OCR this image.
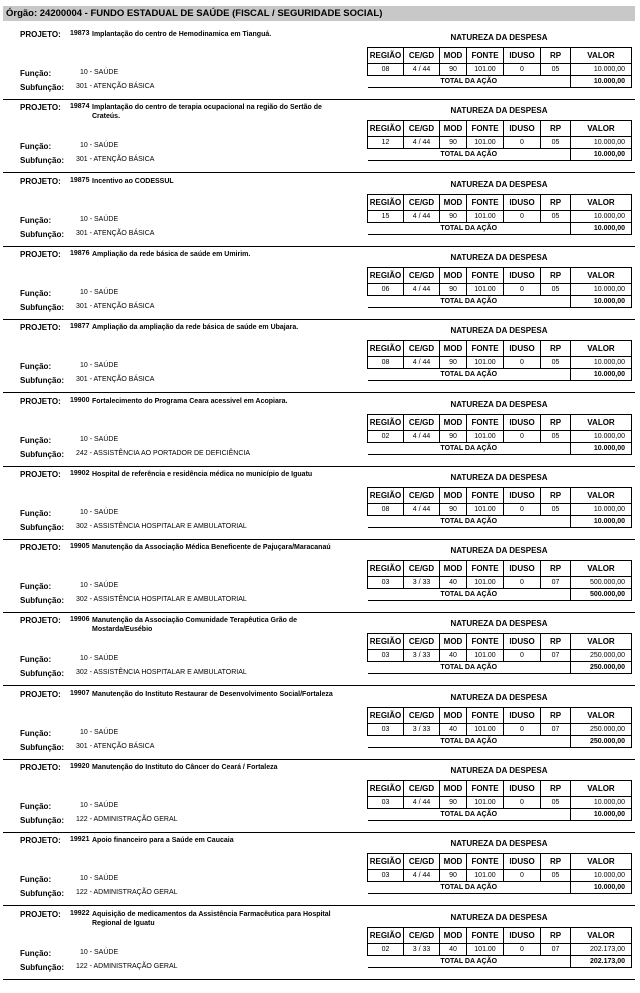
Órgão: 24200004 - FUNDO ESTADUAL DE SAÚDE (FISCAL / SEGURIDADE SOCIAL)
PROJETO: 19873 Implantação do centro de Hemodinamica em Tianguá.	NATUREZA DA DESPESA
Função:	10 - SAÚDE
Subfunção: 301 - ATENÇÃO BÁSICA
REGIÃO	CE/GD	MOD	FONTE	IDUSO	RP	VALOR
08	4 / 44	90	101.00	0	05	10.000,00
TOTAL DA AÇÃO						10.000,00
PROJETO: 19874 Implantação do centro de terapia ocupacional na região do Sertão de Crateús.
NATUREZA DA DESPESA
Função:	10 - SAÚDE
Subfunção: 301 - ATENÇÃO BÁSICA
REGIÃO	CE/GD	MOD	FONTE	IDUSO	RP	VALOR
12	4 / 44	90	101.00	0	05	10.000,00
TOTAL DA AÇÃO						10.000,00
PROJETO: 19875 Incentivo ao CODESSUL	NATUREZA DA DESPESA
Função:	10 - SAÚDE
Subfunção: 301 - ATENÇÃO BÁSICA
REGIÃO	CE/GD	MOD	FONTE	IDUSO	RP	VALOR
15	4 / 44	90	101.00	0	05	10.000,00
TOTAL DA AÇÃO						10.000,00
PROJETO: 19876 Ampliação da rede básica de saúde em Umirim.	NATUREZA DA DESPESA
Função:	10 - SAÚDE
Subfunção: 301 - ATENÇÃO BÁSICA
REGIÃO	CE/GD	MOD	FONTE	IDUSO	RP	VALOR
06	4 / 44	90	101.00	0	05	10.000,00
TOTAL DA AÇÃO						10.000,00
PROJETO: 19877 Ampliação da ampliação da rede básica de saúde em Ubajara.	NATUREZA DA DESPESA
Função:	10 - SAÚDE
Subfunção: 301 - ATENÇÃO BÁSICA
REGIÃO	CE/GD	MOD	FONTE	IDUSO	RP	VALOR
08	4 / 44	90	101.00	0	05	10.000,00
TOTAL DA AÇÃO						10.000,00
PROJETO: 19900 Fortalecimento do Programa Ceara acessivel em Acopiara.	NATUREZA DA DESPESA
Função:	10 - SAÚDE
Subfunção: 242 - ASSISTÊNCIA AO PORTADOR DE DEFICIÊNCIA
REGIÃO	CE/GD	MOD	FONTE	IDUSO	RP	VALOR
02	4 / 44	90	101.00	0	05	10.000,00
TOTAL DA AÇÃO						10.000,00
PROJETO: 19902 Hospital de referência e residência médica no município de Iguatu	NATUREZA DA DESPESA
Função:	10 - SAÚDE
Subfunção: 302 - ASSISTÊNCIA HOSPITALAR E AMBULATORIAL
REGIÃO	CE/GD	MOD	FONTE	IDUSO	RP	VALOR
08	4 / 44	90	101.00	0	05	10.000,00
TOTAL DA AÇÃO						10.000,00
PROJETO: 19905 Manutenção da Associação Médica Beneficente de Pajuçara/Maracanaú	NATUREZA DA DESPESA
Função:	10 - SAÚDE
Subfunção: 302 - ASSISTÊNCIA HOSPITALAR E AMBULATORIAL
REGIÃO	CE/GD	MOD	FONTE	IDUSO	RP	VALOR
03	3 / 33	40	101.00	0	07	500.000,00
TOTAL DA AÇÃO						500.000,00
PROJETO: 19906 Manutenção da Associação Comunidade Terapêutica Grão de Mostarda/Eusébio
NATUREZA DA DESPESA
Função:	10 - SAÚDE
Subfunção: 302 - ASSISTÊNCIA HOSPITALAR E AMBULATORIAL
REGIÃO	CE/GD	MOD	FONTE	IDUSO	RP	VALOR
03	3 / 33	40	101.00	0	07	250.000,00
TOTAL DA AÇÃO						250.000,00
PROJETO: 19907 Manutenção do Instituto Restaurar de Desenvolvimento Social/Fortaleza	NATUREZA DA DESPESA
Função:	10 - SAÚDE
Subfunção: 301 - ATENÇÃO BÁSICA
REGIÃO	CE/GD	MOD	FONTE	IDUSO	RP	VALOR
03	3 / 33	40	101.00	0	07	250.000,00
TOTAL DA AÇÃO						250.000,00
PROJETO: 19920 Manutenção do Instituto do Câncer do Ceará / Fortaleza	NATUREZA DA DESPESA
Função:	10 - SAÚDE
Subfunção: 122 - ADMINISTRAÇÃO GERAL
REGIÃO	CE/GD	MOD	FONTE	IDUSO	RP	VALOR
03	4 / 44	90	101.00	0	05	10.000,00
TOTAL DA AÇÃO						10.000,00
PROJETO: 19921 Apoio financeiro para a Saúde em Caucaia	NATUREZA DA DESPESA
Função:	10 - SAÚDE
Subfunção: 122 - ADMINISTRAÇÃO GERAL
REGIÃO	CE/GD	MOD	FONTE	IDUSO	RP	VALOR
03	4 / 44	90	101.00	0	05	10.000,00
TOTAL DA AÇÃO						10.000,00
PROJETO: 19922 Aquisição de medicamentos da Assistência Farmacêutica para Hospital Regional de Iguatu
NATUREZA DA DESPESA
Função:	10 - SAÚDE
Subfunção: 122 - ADMINISTRAÇÃO GERAL
REGIÃO	CE/GD	MOD	FONTE	IDUSO	RP	VALOR
02	3 / 33	40	101.00	0	07	202.173,00
TOTAL DA AÇÃO						202.173,00
